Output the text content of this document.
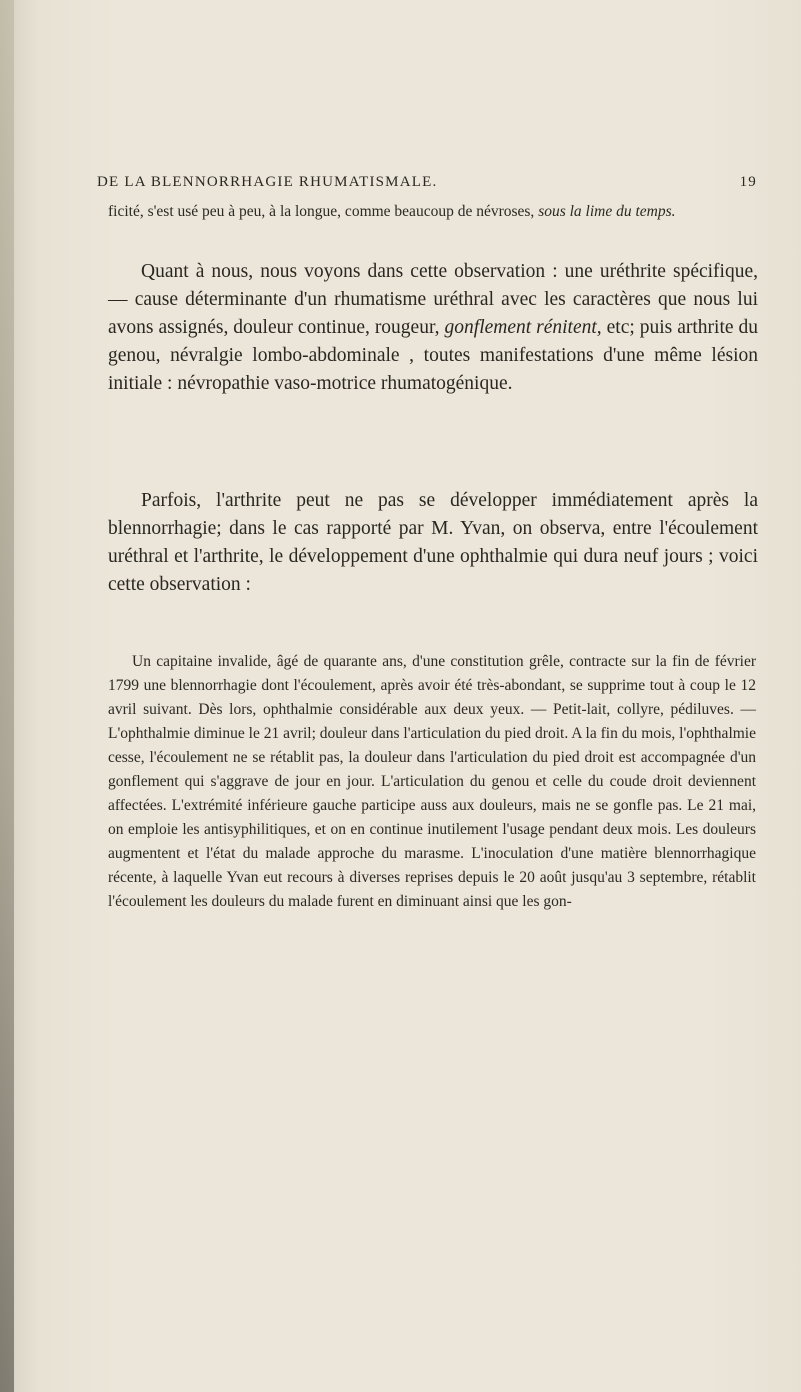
DE LA BLENNORRHAGIE RHUMATISMALE.	19

ficité, s'est usé peu à peu, à la longue, comme beaucoup de névroses, sous la lime du temps.

Quant à nous, nous voyons dans cette observation : une uréthrite spécifique, — cause déterminante d'un rhumatisme uréthral avec les caractères que nous lui avons assignés, douleur continue, rougeur, gonflement rénitent, etc; puis arthrite du genou, névralgie lombo-abdominale , toutes manifestations d'une même lésion initiale : névropathie vaso-motrice rhumatogénique.

Parfois, l'arthrite peut ne pas se développer immédiatement après la blennorrhagie; dans le cas rapporté par M. Yvan, on observa, entre l'écoulement uréthral et l'arthrite, le développement d'une ophthalmie qui dura neuf jours ; voici cette observation :

Un capitaine invalide, âgé de quarante ans, d'une constitution grêle, contracte sur la fin de février 1799 une blennorrhagie dont l'écoulement, après avoir été très-abondant, se supprime tout à coup le 12 avril suivant. Dès lors, ophthalmie considérable aux deux yeux. — Petit-lait, collyre, pédiluves. — L'ophthalmie diminue le 21 avril; douleur dans l'articulation du pied droit. A la fin du mois, l'ophthalmie cesse, l'écoulement ne se rétablit pas, la douleur dans l'articulation du pied droit est accompagnée d'un gonflement qui s'aggrave de jour en jour. L'articulation du genou et celle du coude droit deviennent affectées. L'extrémité inférieure gauche participe auss aux douleurs, mais ne se gonfle pas. Le 21 mai, on emploie les antisyphilitiques, et on en continue inutilement l'usage pendant deux mois. Les douleurs augmentent et l'état du malade approche du marasme. L'inoculation d'une matière blennorrhagique récente, à laquelle Yvan eut recours à diverses reprises depuis le 20 août jusqu'au 3 septembre, rétablit l'écoulement les douleurs du malade furent en diminuant ainsi que les gon-
